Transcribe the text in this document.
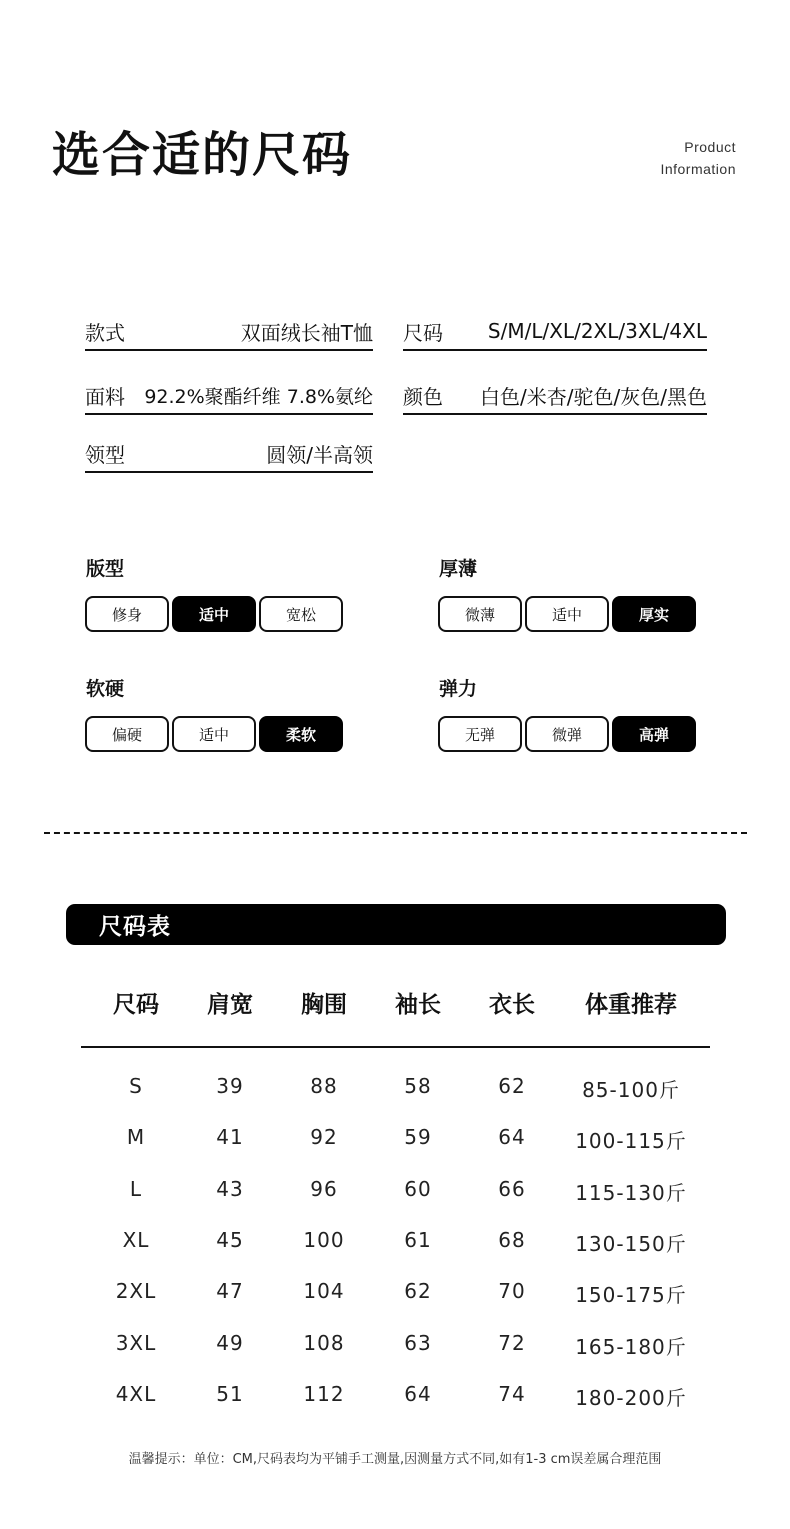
选合适的尺码	Product
Information
款式	双面绒长袖T恤 尺码 S/M/L/XL/2XL/3XL/4XL
面料 92.2%聚酯纤维 7.8%氨纶 颜色 白色/米杏/驼色/灰色/黑色
领型	圆领/半高领
版型
修身	适中	宽松
厚薄
微薄	适中	厚实
软硬
偏硬	适中	柔软
弹力
无弹	微弹	高弹
尺码表
尺码 肩宽 胸围 袖长 衣长 体重推荐
S	39	88	58	62	85-100斤
M	41	92	59	64 100-115斤
L	43	96	60	66 115-130斤
XL	45	100	61	68 130-150斤
2XL	47	104	62	70 150-175斤
3XL	49	108	63	72 165-180斤
4XL	51	112	64	74 180-200斤
温馨提示：单位：CM,尺码表均为平铺手工测量,因测量方式不同,如有1-3 cm误差属合理范围
